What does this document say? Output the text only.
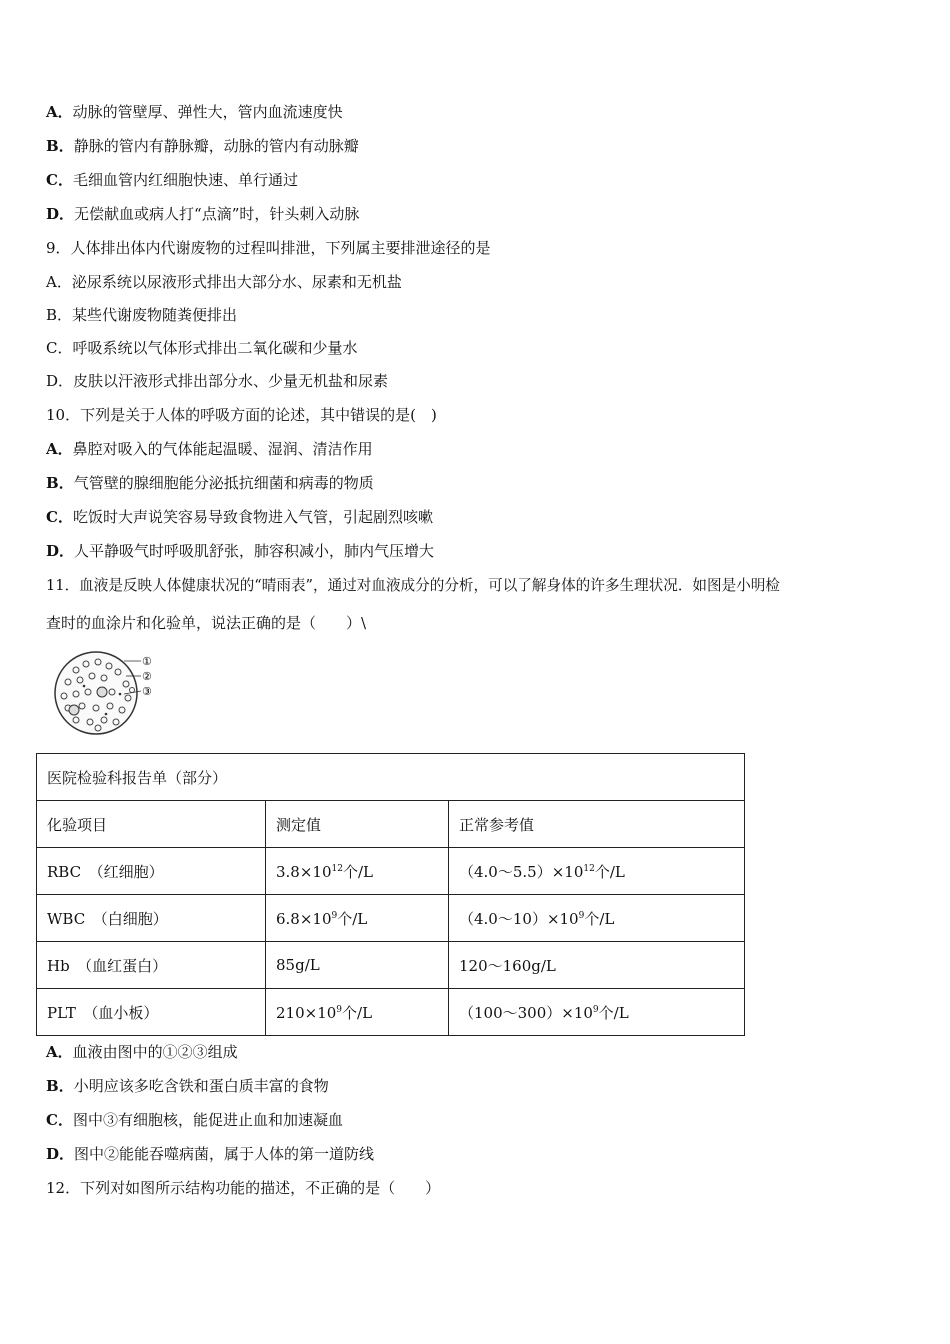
A．动脉的管壁厚、弹性大，管内血流速度快
B．静脉的管内有静脉瓣，动脉的管内有动脉瓣
C．毛细血管内红细胞快速、单行通过
D．无偿献血或病人打“点滴”时，针头刺入动脉
9．人体排出体内代谢废物的过程叫排泄，下列属主要排泄途径的是
A．泌尿系统以尿液形式排出大部分水、尿素和无机盐
B．某些代谢废物随粪便排出
C．呼吸系统以气体形式排出二氧化碳和少量水
D．皮肤以汗液形式排出部分水、少量无机盐和尿素
10．下列是关于人体的呼吸方面的论述，其中错误的是(　)
A．鼻腔对吸入的气体能起温暖、湿润、清洁作用
B．气管壁的腺细胞能分泌抵抗细菌和病毒的物质
C．吃饭时大声说笑容易导致食物进入气管，引起剧烈咳嗽
D．人平静吸气时呼吸肌舒张，肺容积减小，肺内气压增大
11．血液是反映人体健康状况的“晴雨表”，通过对血液成分的分析，可以了解身体的许多生理状况．如图是小明检
查时的血涂片和化验单，说法正确的是（　　）\
①
②
③
医院检验科报告单（部分）		
化验项目	测定值	正常参考值
RBC　（红细胞）	$3.8\times 10^{12}$个/L	$(4.0\sim 5.5)\times 10^{12}$个/L
WBC　（白细胞）	$6.8\times 10^9$个/L	$(4.0\sim 10)\times 10^9$个/L
Hb　（血红蛋白）	85g/L	120～160g/L
PLT　（血小板）	$210\times 10^9$个/L	$(100\sim 300)\times 10^9$个/L
A．血液由图中的①②③组成
B．小明应该多吃含铁和蛋白质丰富的食物
C．图中③有细胞核，能促进止血和加速凝血
D．图中②能能吞噬病菌，属于人体的第一道防线
12．下列对如图所示结构功能的描述，不正确的是（　　）
